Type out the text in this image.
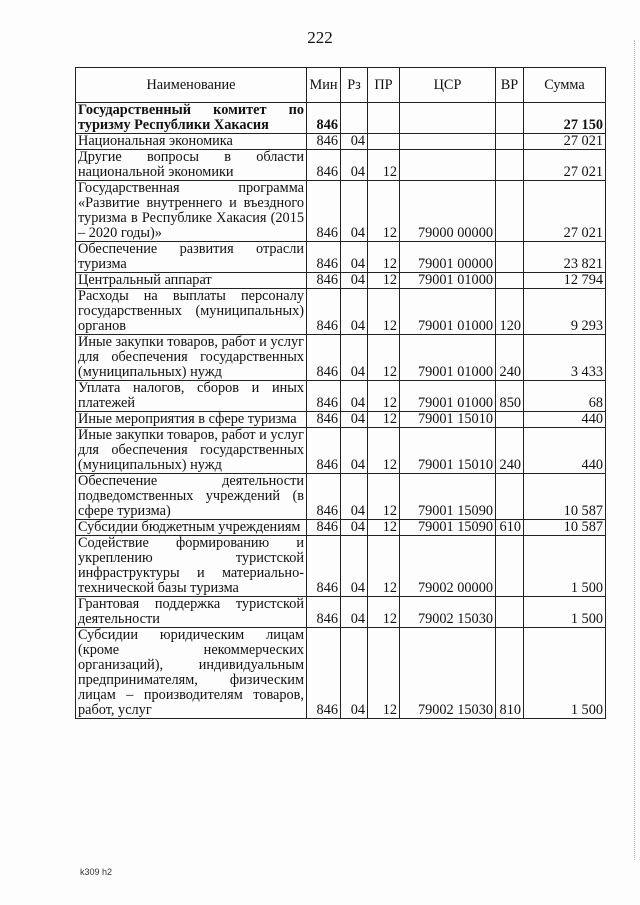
222
Наименование	Мин	Рз	ПР	ЦСР	ВР	Сумма
Государственный комитет по туризму Республики Хакасия	846					27 150
Национальная экономика	846	04				27 021
Другие вопросы в области национальной экономики	846	04	12			27 021
Государственная программа «Развитие внутреннего и въездного туризма в Республике Хакасия (2015 – 2020 годы)»	846	04	12	79000 00000		27 021
Обеспечение развития отрасли туризма	846	04	12	79001 00000		23 821
Центральный аппарат	846	04	12	79001 01000		12 794
Расходы на выплаты персоналу государственных (муниципальных) органов	846	04	12	79001 01000	120	9 293
Иные закупки товаров, работ и услуг для обеспечения государственных (муниципальных) нужд	846	04	12	79001 01000	240	3 433
Уплата налогов, сборов и иных платежей	846	04	12	79001 01000	850	68
Иные мероприятия в сфере туризма	846	04	12	79001 15010		440
Иные закупки товаров, работ и услуг для обеспечения государственных (муниципальных) нужд	846	04	12	79001 15010	240	440
Обеспечение деятельности подведомственных учреждений (в сфере туризма)	846	04	12	79001 15090		10 587
Субсидии бюджетным учреждениям	846	04	12	79001 15090	610	10 587
Содействие формированию и укреплению туристской инфраструктуры и материально-технической базы туризма	846	04	12	79002 00000		1 500
Грантовая поддержка туристской деятельности	846	04	12	79002 15030		1 500
Субсидии юридическим лицам (кроме некоммерческих организаций), индивидуальным предпринимателям, физическим лицам – производителям товаров, работ, услуг	846	04	12	79002 15030	810	1 500
k309 h2
